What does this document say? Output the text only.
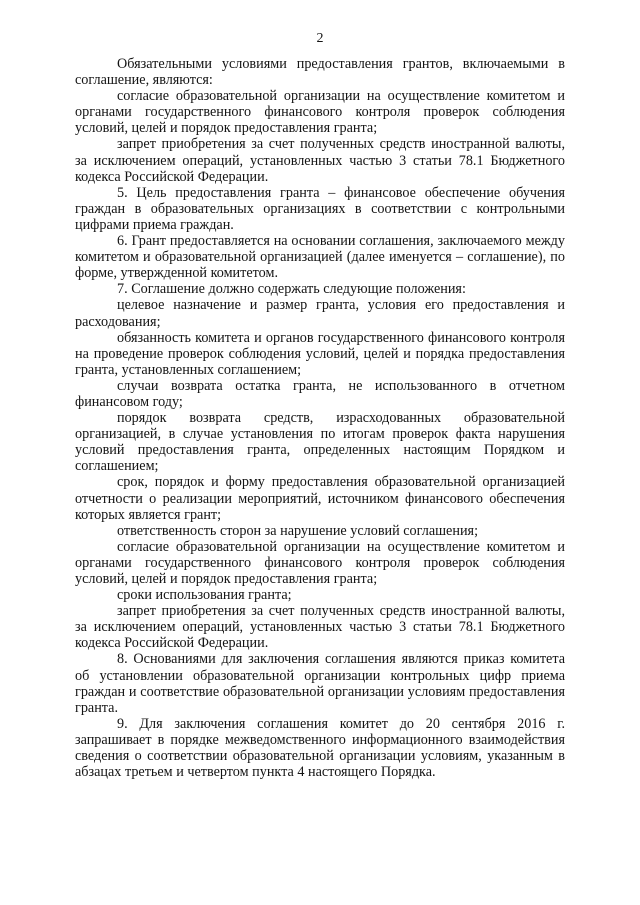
2

Обязательными условиями предоставления грантов, включаемыми в соглашение, являются:

согласие образовательной организации на осуществление комитетом и органами государственного финансового контроля проверок соблюдения условий, целей и порядок предоставления гранта;

запрет приобретения за счет полученных средств иностранной валюты, за исключением операций, установленных частью 3 статьи 78.1 Бюджетного кодекса Российской Федерации.

5. Цель предоставления гранта – финансовое обеспечение обучения граждан в образовательных организациях в соответствии с контрольными цифрами приема граждан.

6. Грант предоставляется на основании соглашения, заключаемого между комитетом и образовательной организацией (далее именуется – соглашение), по форме, утвержденной комитетом.

7. Соглашение должно содержать следующие положения:

целевое назначение и размер гранта, условия его предоставления и расходования;

обязанность комитета и органов государственного финансового контроля на проведение проверок соблюдения условий, целей и порядка предоставления гранта, установленных соглашением;

случаи возврата остатка гранта, не использованного в отчетном финансовом году;

порядок возврата средств, израсходованных образовательной организацией, в случае установления по итогам проверок факта нарушения условий предоставления гранта, определенных настоящим Порядком и соглашением;

срок, порядок и форму предоставления образовательной организацией отчетности о реализации мероприятий, источником финансового обеспечения которых является грант;

ответственность сторон за нарушение условий соглашения;

согласие образовательной организации на осуществление комитетом и органами государственного финансового контроля проверок соблюдения условий, целей и порядок предоставления гранта;

сроки использования гранта;

запрет приобретения за счет полученных средств иностранной валюты, за исключением операций, установленных частью 3 статьи 78.1 Бюджетного кодекса Российской Федерации.

8. Основаниями для заключения соглашения являются приказ комитета об установлении образовательной организации контрольных цифр приема граждан и соответствие образовательной организации условиям предоставления гранта.

9. Для заключения соглашения комитет до 20 сентября 2016 г. запрашивает в порядке межведомственного информационного взаимодействия сведения о соответствии образовательной организации условиям, указанным в абзацах третьем и четвертом пункта 4 настоящего Порядка.
